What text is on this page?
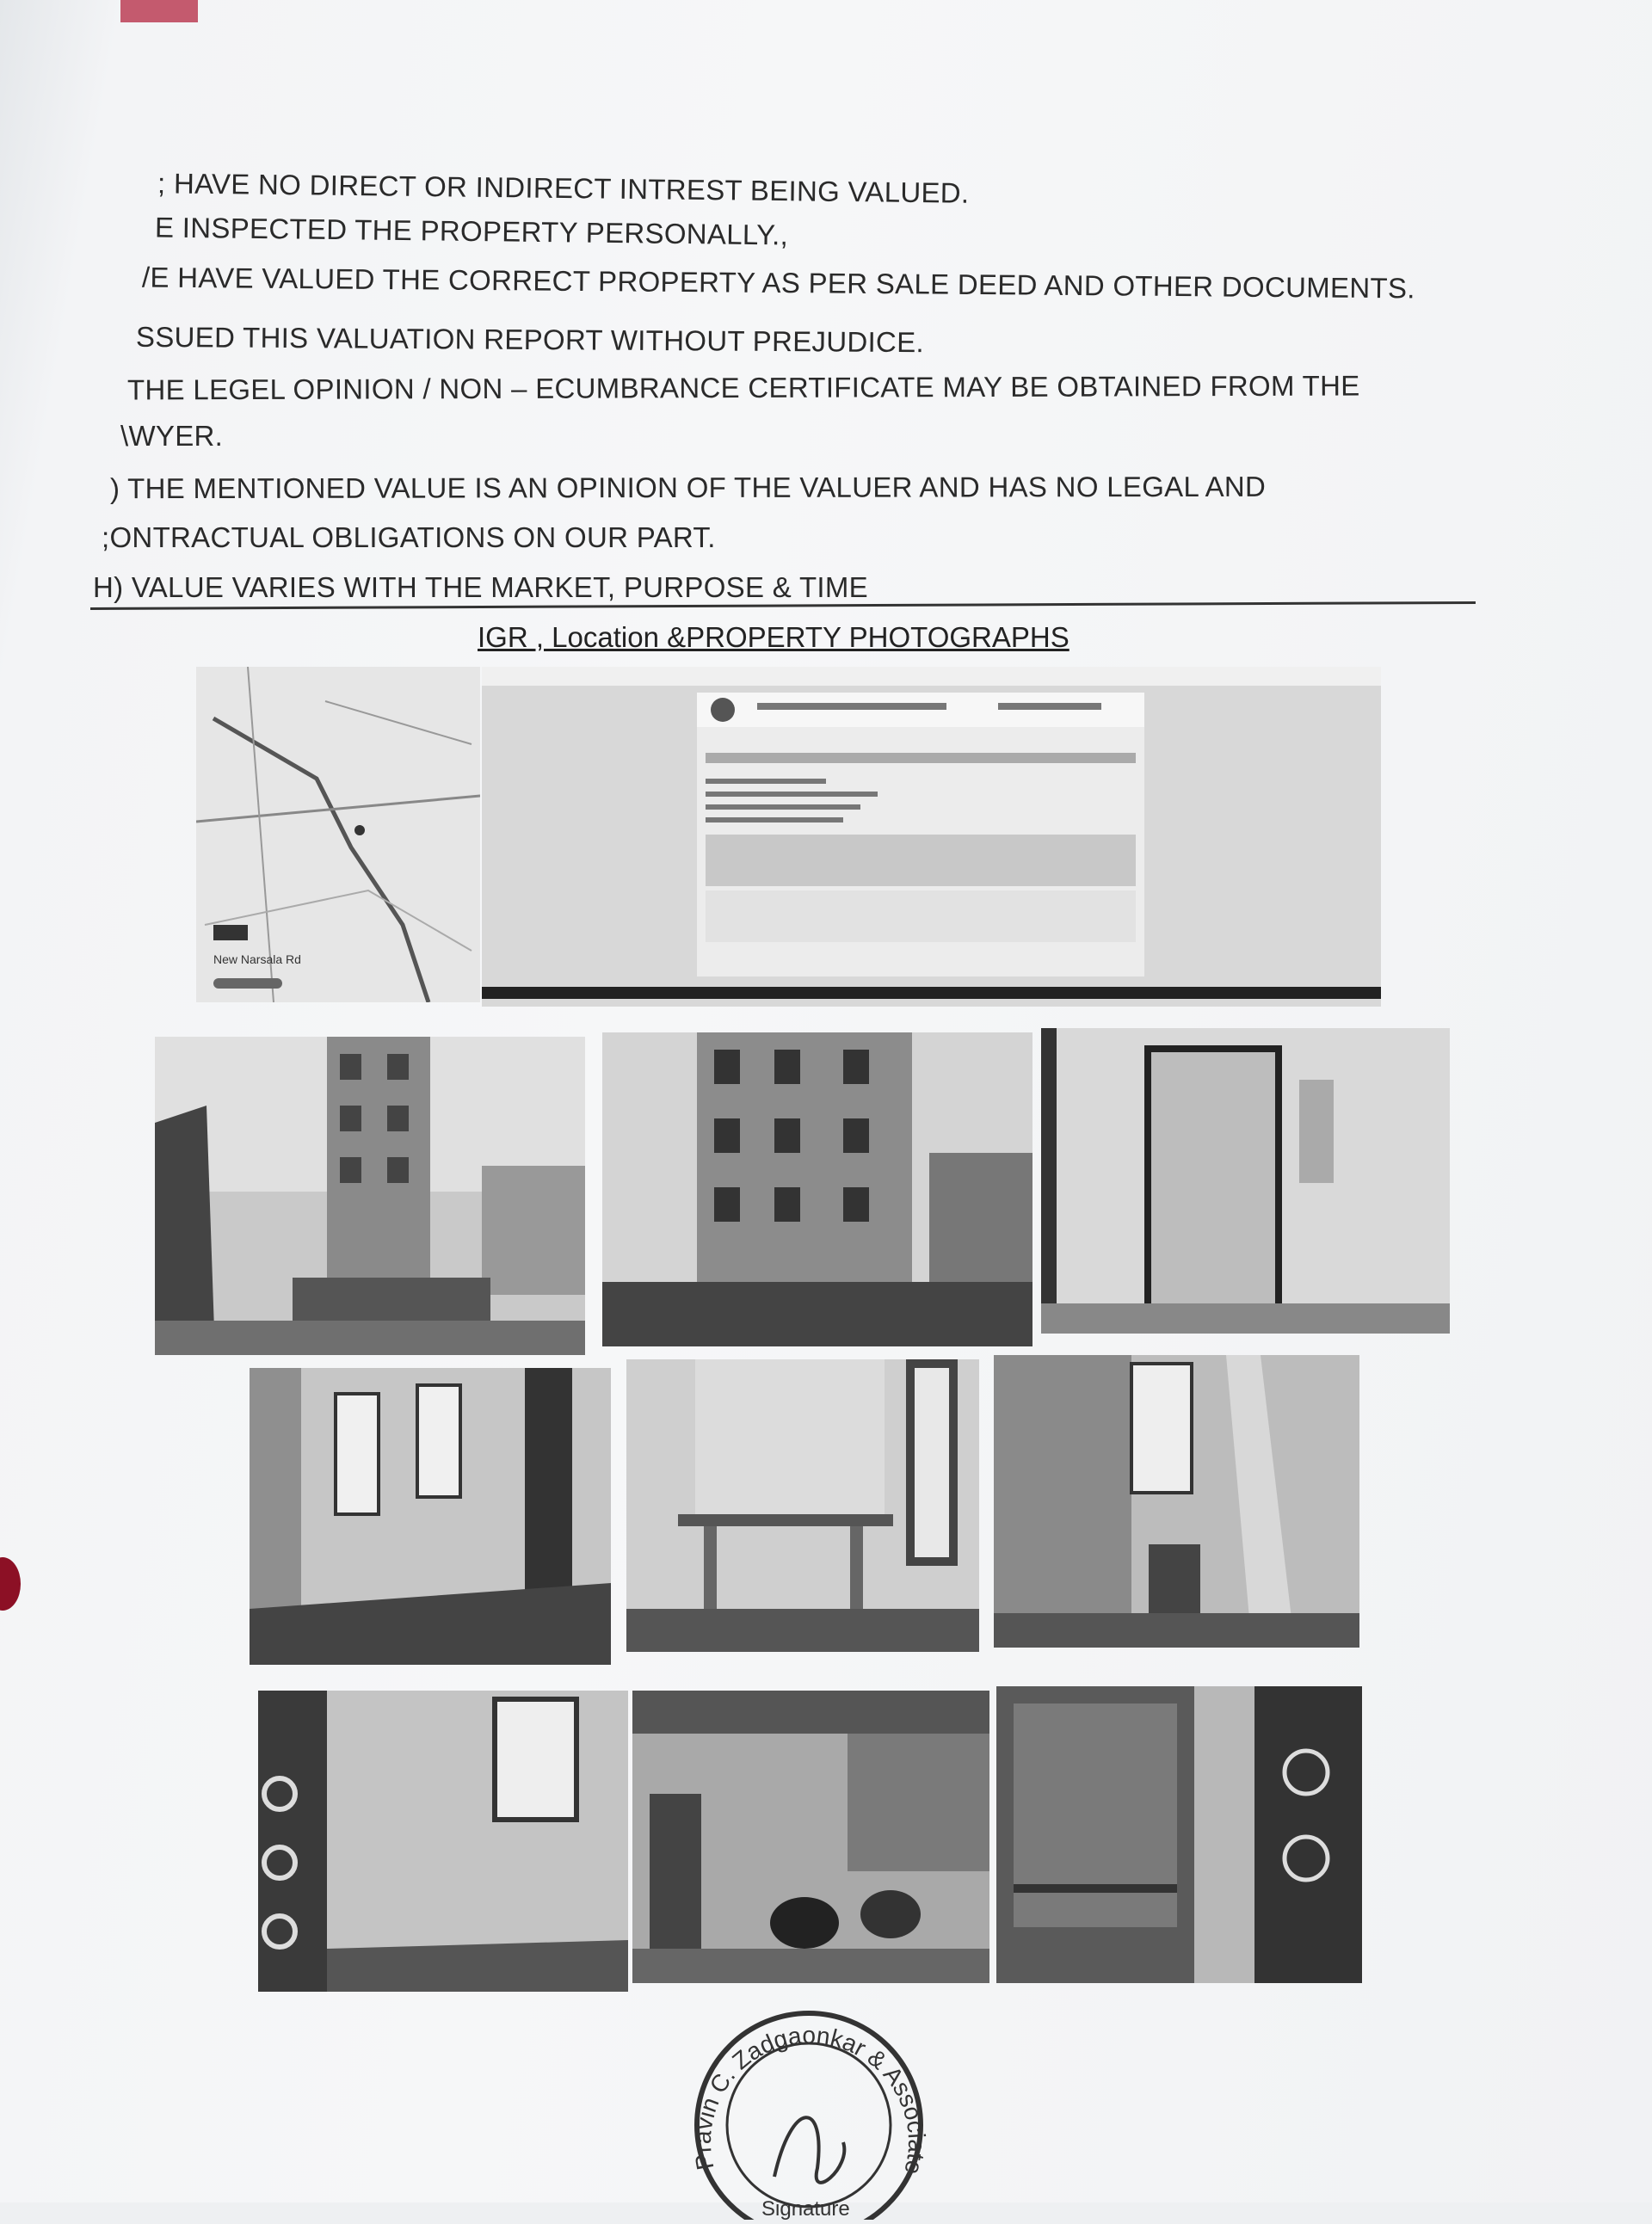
; HAVE NO DIRECT OR INDIRECT INTREST BEING VALUED.
E INSPECTED THE PROPERTY PERSONALLY.,
/E HAVE VALUED THE CORRECT PROPERTY AS PER SALE DEED AND OTHER DOCUMENTS.
SSUED THIS VALUATION REPORT WITHOUT PREJUDICE.
THE LEGEL OPINION / NON – ECUMBRANCE CERTIFICATE MAY BE OBTAINED FROM THE
\WYER.
) THE MENTIONED VALUE IS AN OPINION OF THE VALUER AND HAS NO LEGAL AND
;ONTRACTUAL OBLIGATIONS ON OUR PART.
H) VALUE VARIES WITH THE MARKET, PURPOSE & TIME
IGR , Location &PROPERTY PHOTOGRAPHS
New Narsala Rd
Pravin C. Zadgaonkar & Associate
Signature
